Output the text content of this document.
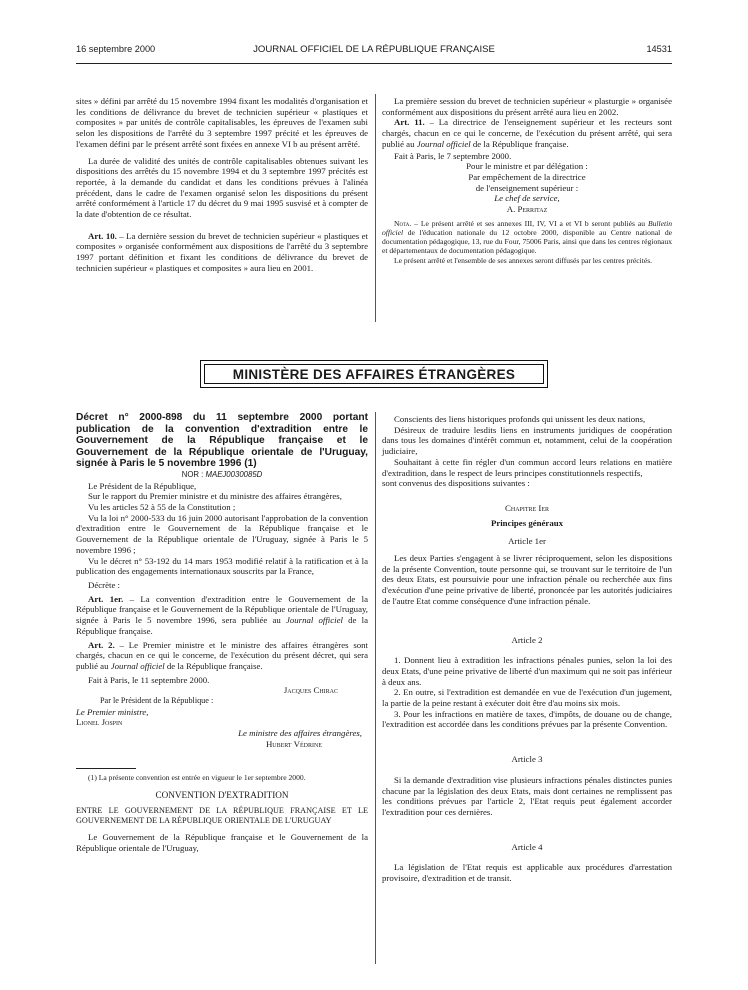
16 septembre 2000	JOURNAL OFFICIEL DE LA RÉPUBLIQUE FRANÇAISE	14531

sites » défini par arrêté du 15 novembre 1994 fixant les modalités d'organisation et les conditions de délivrance du brevet de technicien supérieur « plastiques et composites » par unités de contrôle capitalisables, les épreuves de l'examen subi selon les dispositions de l'arrêté du 3 septembre 1997 précité et les épreuves de l'examen défini par le présent arrêté sont fixées en annexe VI b au présent arrêté.

La durée de validité des unités de contrôle capitalisables obtenues suivant les dispositions des arrêtés du 15 novembre 1994 et du 3 septembre 1997 précités est reportée, à la demande du candidat et dans les conditions prévues à l'alinéa précédent, dans le cadre de l'examen organisé selon les dispositions du présent arrêté conformément à l'article 17 du décret du 9 mai 1995 susvisé et à compter de la date d'obtention de ce résultat.

Art. 10. – La dernière session du brevet de technicien supérieur « plastiques et composites » organisée conformément aux dispositions de l'arrêté du 3 septembre 1997 portant définition et fixant les conditions de délivrance du brevet de technicien supérieur « plastiques et composites » aura lieu en 2001.

La première session du brevet de technicien supérieur « plasturgie » organisée conformément aux dispositions du présent arrêté aura lieu en 2002.

Art. 11. – La directrice de l'enseignement supérieur et les recteurs sont chargés, chacun en ce qui le concerne, de l'exécution du présent arrêté, qui sera publié au Journal officiel de la République française.

Fait à Paris, le 7 septembre 2000.

Pour le ministre et par délégation :

Par empêchement de la directrice

de l'enseignement supérieur :

Le chef de service,

A. Perritaz

Nota. – Le présent arrêté et ses annexes III, IV, VI a et VI b seront publiés au Bulletin officiel de l'éducation nationale du 12 octobre 2000, disponible au Centre national de documentation pédagogique, 13, rue du Four, 75006 Paris, ainsi que dans les centres régionaux et départementaux de documentation pédagogique.

Le présent arrêté et l'ensemble de ses annexes seront diffusés par les centres précités.

MINISTÈRE DES AFFAIRES ÉTRANGÈRES

Décret n° 2000-898 du 11 septembre 2000 portant publication de la convention d'extradition entre le Gouvernement de la République française et le Gouvernement de la République orientale de l'Uruguay, signée à Paris le 5 novembre 1996 (1)

NOR : MAEJ0030085D

Le Président de la République,

Sur le rapport du Premier ministre et du ministre des affaires étrangères,

Vu les articles 52 à 55 de la Constitution ;

Vu la loi n° 2000-533 du 16 juin 2000 autorisant l'approbation de la convention d'extradition entre le Gouvernement de la République française et le Gouvernement de la République orientale de l'Uruguay, signée à Paris le 5 novembre 1996 ;

Vu le décret n° 53-192 du 14 mars 1953 modifié relatif à la ratification et à la publication des engagements internationaux souscrits par la France,

Décrète :

Art. 1er. – La convention d'extradition entre le Gouvernement de la République française et le Gouvernement de la République orientale de l'Uruguay, signée à Paris le 5 novembre 1996, sera publiée au Journal officiel de la République française.

Art. 2. – Le Premier ministre et le ministre des affaires étrangères sont chargés, chacun en ce qui le concerne, de l'exécution du présent décret, qui sera publié au Journal officiel de la République française.

Fait à Paris, le 11 septembre 2000.

Jacques Chirac

Par le Président de la République :

Le Premier ministre,

Lionel Jospin

Le ministre des affaires étrangères,

Hubert Védrine

(1) La présente convention est entrée en vigueur le 1er septembre 2000.

CONVENTION D'EXTRADITION

ENTRE LE GOUVERNEMENT DE LA RÉPUBLIQUE FRANÇAISE ET LE GOUVERNEMENT DE LA RÉPUBLIQUE ORIENTALE DE L'URUGUAY

Le Gouvernement de la République française et le Gouvernement de la République orientale de l'Uruguay,

Conscients des liens historiques profonds qui unissent les deux nations,

Désireux de traduire lesdits liens en instruments juridiques de coopération dans tous les domaines d'intérêt commun et, notamment, celui de la coopération judiciaire,

Souhaitant à cette fin régler d'un commun accord leurs relations en matière d'extradition, dans le respect de leurs principes constitutionnels respectifs,

sont convenus des dispositions suivantes :

Chapitre Ier

Principes généraux

Article 1er

Les deux Parties s'engagent à se livrer réciproquement, selon les dispositions de la présente Convention, toute personne qui, se trouvant sur le territoire de l'un des deux Etats, est poursuivie pour une infraction pénale ou recherchée aux fins d'exécution d'une peine privative de liberté, prononcée par les autorités judiciaires de l'autre Etat comme conséquence d'une infraction pénale.

Article 2

1. Donnent lieu à extradition les infractions pénales punies, selon la loi des deux Etats, d'une peine privative de liberté d'un maximum qui ne soit pas inférieur à deux ans.

2. En outre, si l'extradition est demandée en vue de l'exécution d'un jugement, la partie de la peine restant à exécuter doit être d'au moins six mois.

3. Pour les infractions en matière de taxes, d'impôts, de douane ou de change, l'extradition est accordée dans les conditions prévues par la présente Convention.

Article 3

Si la demande d'extradition vise plusieurs infractions pénales distinctes punies chacune par la législation des deux Etats, mais dont certaines ne remplissent pas les conditions prévues par l'article 2, l'Etat requis peut également accorder l'extradition pour ces dernières.

Article 4

La législation de l'Etat requis est applicable aux procédures d'arrestation provisoire, d'extradition et de transit.
